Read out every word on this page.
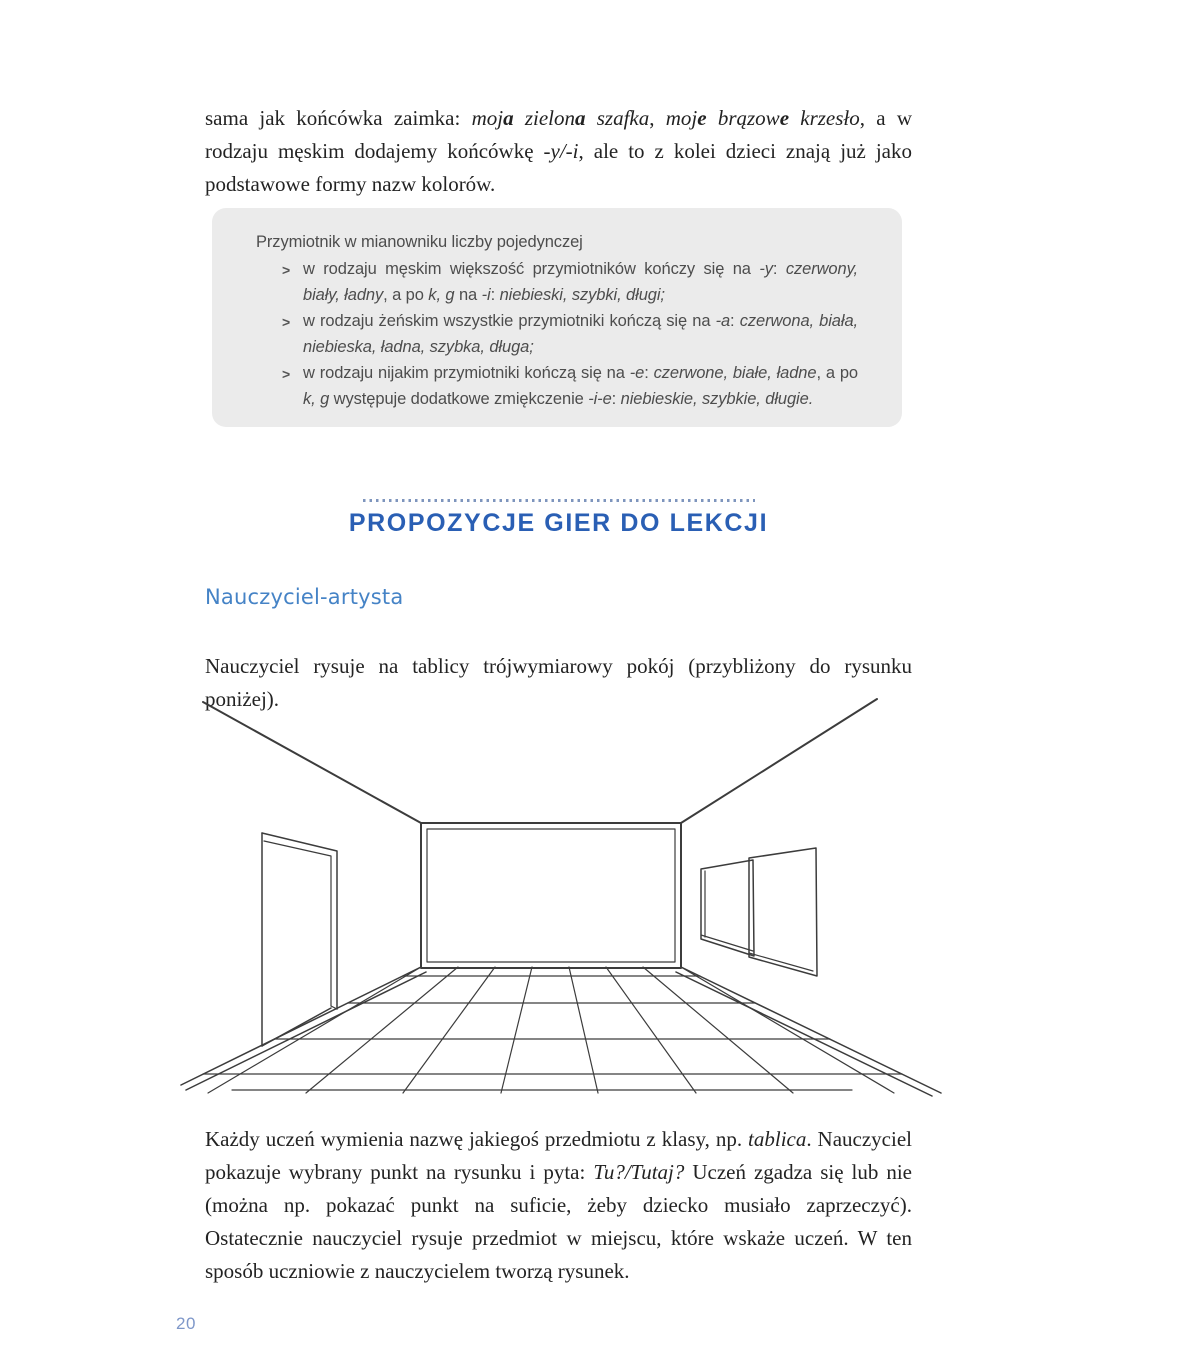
sama jak końcówka zaimka: moja zielona szafka, moje brązowe krzesło, a w rodzaju męskim dodajemy końcówkę -y/-i, ale to z kolei dzieci znają już jako podstawowe formy nazw kolorów.

Przymiotnik w mianowniku liczby pojedynczej

> w rodzaju męskim większość przymiotników kończy się na -y: czerwony, biały, ładny, a po k, g na -i: niebieski, szybki, długi;
> w rodzaju żeńskim wszystkie przymiotniki kończą się na -a: czerwona, biała, niebieska, ładna, szybka, długa;
> w rodzaju nijakim przymiotniki kończą się na -e: czerwone, białe, ładne, a po k, g występuje dodatkowe zmiękczenie -i-e: niebieskie, szybkie, długie.
PROPOZYCJE GIER DO LEKCJI
Nauczyciel-artysta

Nauczyciel rysuje na tablicy trójwymiarowy pokój (przybliżony do rysunku poniżej).

Każdy uczeń wymienia nazwę jakiegoś przedmiotu z klasy, np. tablica. Nauczyciel pokazuje wybrany punkt na rysunku i pyta: Tu?/Tutaj? Uczeń zgadza się lub nie (można np. pokazać punkt na suficie, żeby dziecko musiało zaprzeczyć). Ostatecznie nauczyciel rysuje przedmiot w miejscu, które wskaże uczeń. W ten sposób uczniowie z nauczycielem tworzą rysunek.

20
